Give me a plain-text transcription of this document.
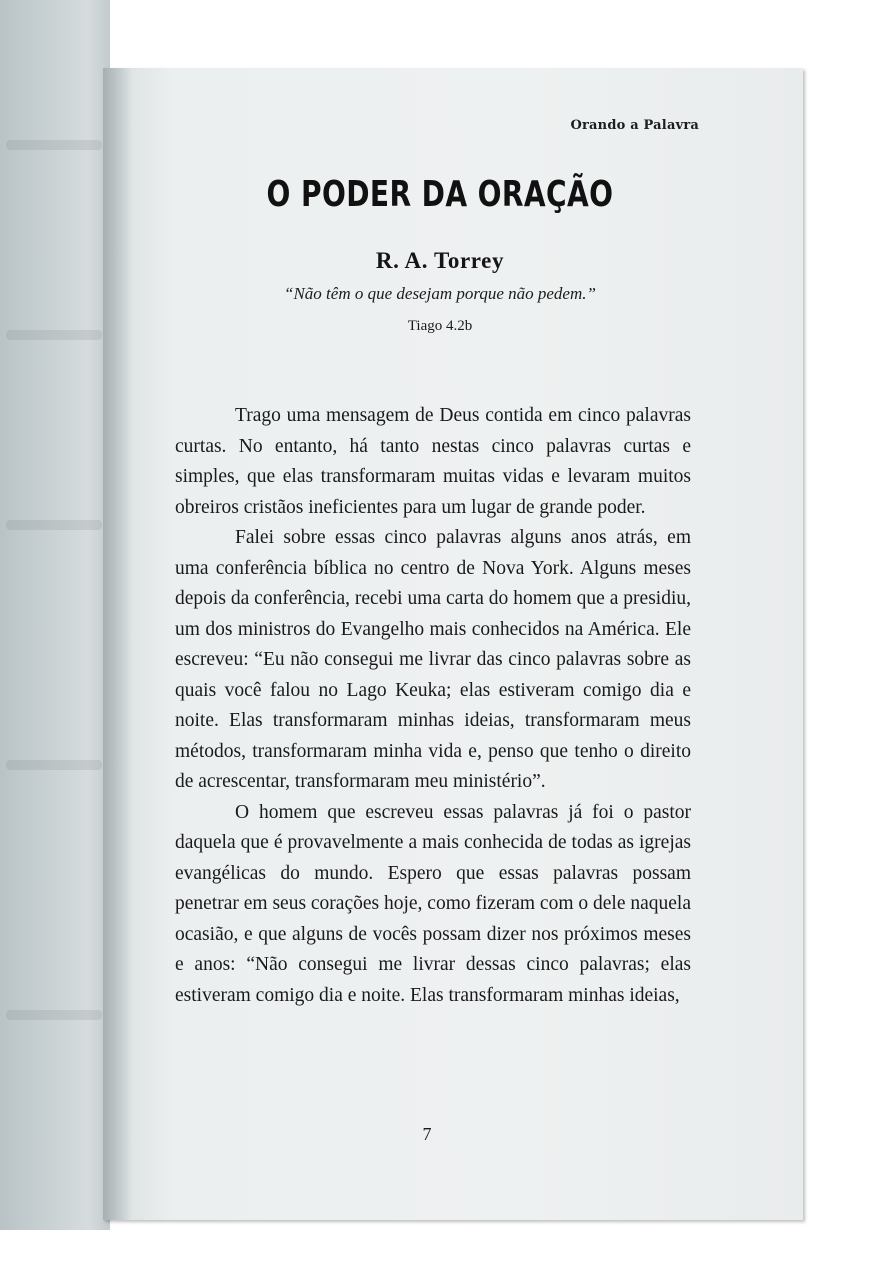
Orando a Palavra
O PODER DA ORAÇÃO
R. A. Torrey
“Não têm o que desejam porque não pedem.”
Tiago 4.2b

Trago uma mensagem de Deus contida em cinco palavras curtas. No entanto, há tanto nestas cinco palavras curtas e simples, que elas transformaram muitas vidas e levaram muitos obreiros cristãos ineficientes para um lugar de grande poder.

Falei sobre essas cinco palavras alguns anos atrás, em uma conferência bíblica no centro de Nova York. Alguns meses depois da conferência, recebi uma carta do homem que a presidiu, um dos ministros do Evangelho mais conhecidos na América. Ele escreveu: “Eu não consegui me livrar das cinco palavras sobre as quais você falou no Lago Keuka; elas estiveram comigo dia e noite. Elas transformaram minhas ideias, transformaram meus métodos, transformaram minha vida e, penso que tenho o direito de acrescentar, transformaram meu ministério”.

O homem que escreveu essas palavras já foi o pastor daquela que é provavelmente a mais conhecida de todas as igrejas evangélicas do mundo. Espero que essas palavras possam penetrar em seus corações hoje, como fizeram com o dele naquela ocasião, e que alguns de vocês possam dizer nos próximos meses e anos: “Não consegui me livrar dessas cinco palavras; elas estiveram comigo dia e noite. Elas transformaram minhas ideias,

7
